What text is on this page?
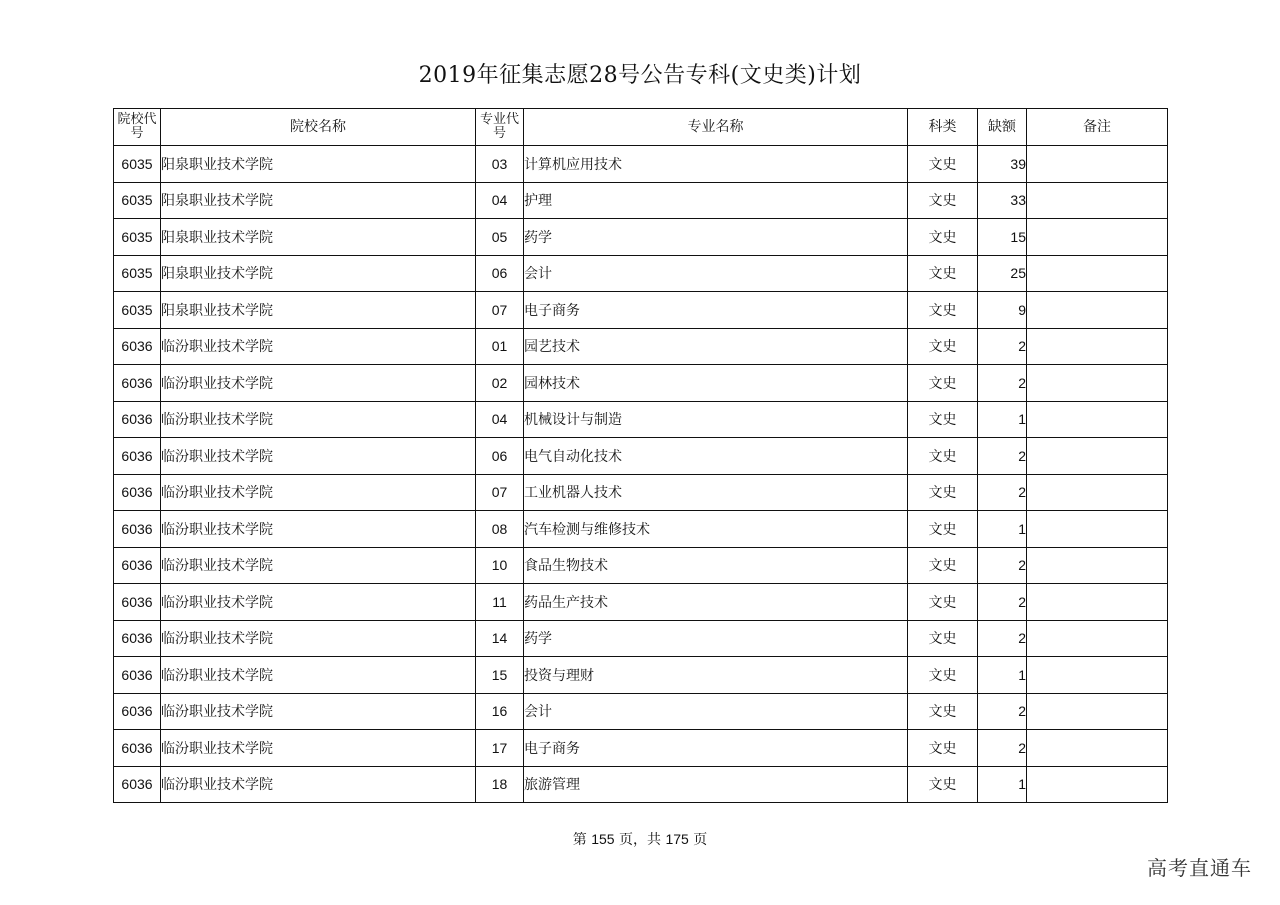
2019年征集志愿28号公告专科(文史类)计划
院校代号	院校名称	专业代号	专业名称	科类	缺额	备注
6035	阳泉职业技术学院	03	计算机应用技术	文史	39	
6035	阳泉职业技术学院	04	护理	文史	33	
6035	阳泉职业技术学院	05	药学	文史	15	
6035	阳泉职业技术学院	06	会计	文史	25	
6035	阳泉职业技术学院	07	电子商务	文史	9	
6036	临汾职业技术学院	01	园艺技术	文史	2	
6036	临汾职业技术学院	02	园林技术	文史	2	
6036	临汾职业技术学院	04	机械设计与制造	文史	1	
6036	临汾职业技术学院	06	电气自动化技术	文史	2	
6036	临汾职业技术学院	07	工业机器人技术	文史	2	
6036	临汾职业技术学院	08	汽车检测与维修技术	文史	1	
6036	临汾职业技术学院	10	食品生物技术	文史	2	
6036	临汾职业技术学院	11	药品生产技术	文史	2	
6036	临汾职业技术学院	14	药学	文史	2	
6036	临汾职业技术学院	15	投资与理财	文史	1	
6036	临汾职业技术学院	16	会计	文史	2	
6036	临汾职业技术学院	17	电子商务	文史	2	
6036	临汾职业技术学院	18	旅游管理	文史	1	
第 155 页，共 175 页
高考直通车
